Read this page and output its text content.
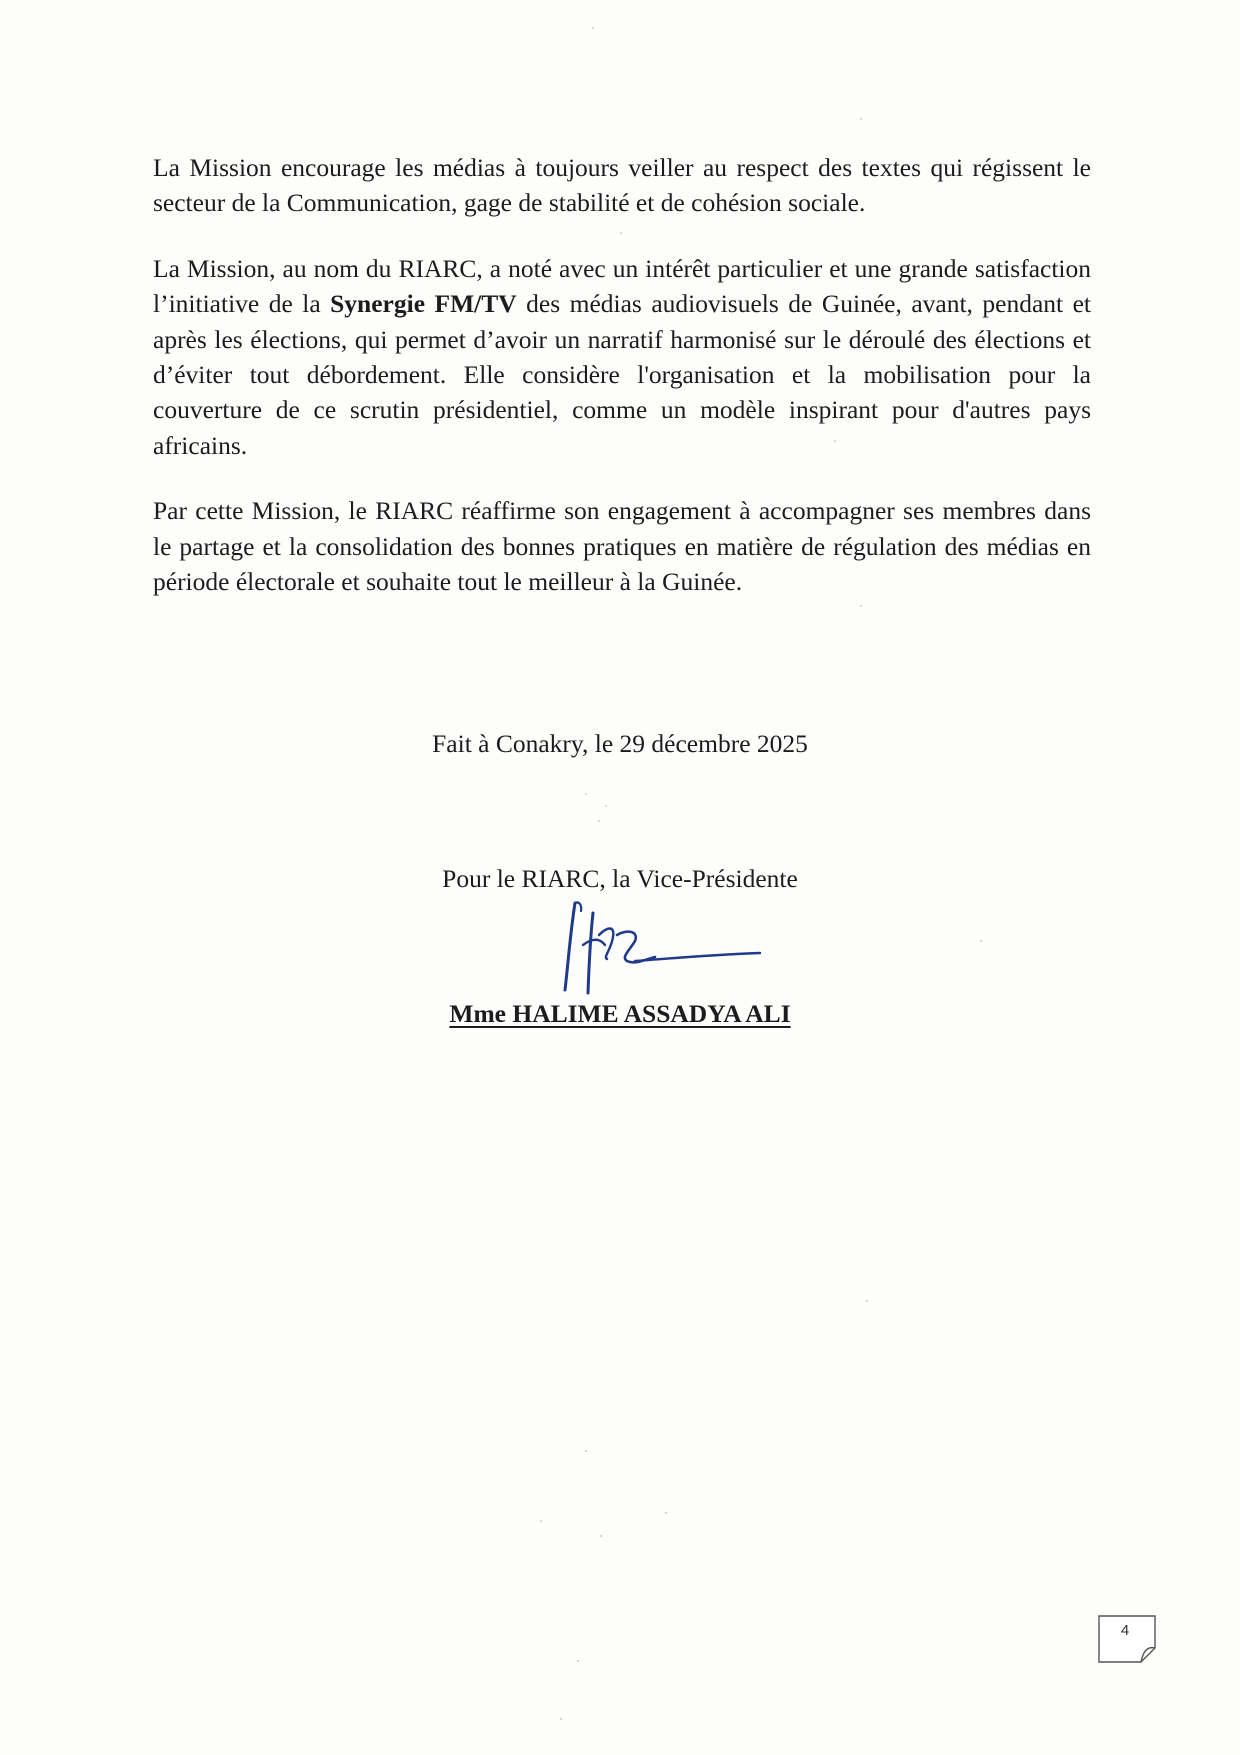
La Mission encourage les médias à toujours veiller au respect des textes qui régissent le secteur de la Communication, gage de stabilité et de cohésion sociale.

La Mission, au nom du RIARC, a noté avec un intérêt particulier et une grande satisfaction l’initiative de la Synergie FM/TV des médias audiovisuels de Guinée, avant, pendant et après les élections, qui permet d’avoir un narratif harmonisé sur le déroulé des élections et d’éviter tout débordement. Elle considère l'organisation et la mobilisation pour la couverture de ce scrutin présidentiel, comme un modèle inspirant pour d'autres pays africains.

Par cette Mission, le RIARC réaffirme son engagement à accompagner ses membres dans le partage et la consolidation des bonnes pratiques en matière de régulation des médias en période électorale et souhaite tout le meilleur à la Guinée.

Fait à Conakry, le 29 décembre 2025
Pour le RIARC, la Vice-Présidente
Mme HALIME ASSADYA ALI
4
